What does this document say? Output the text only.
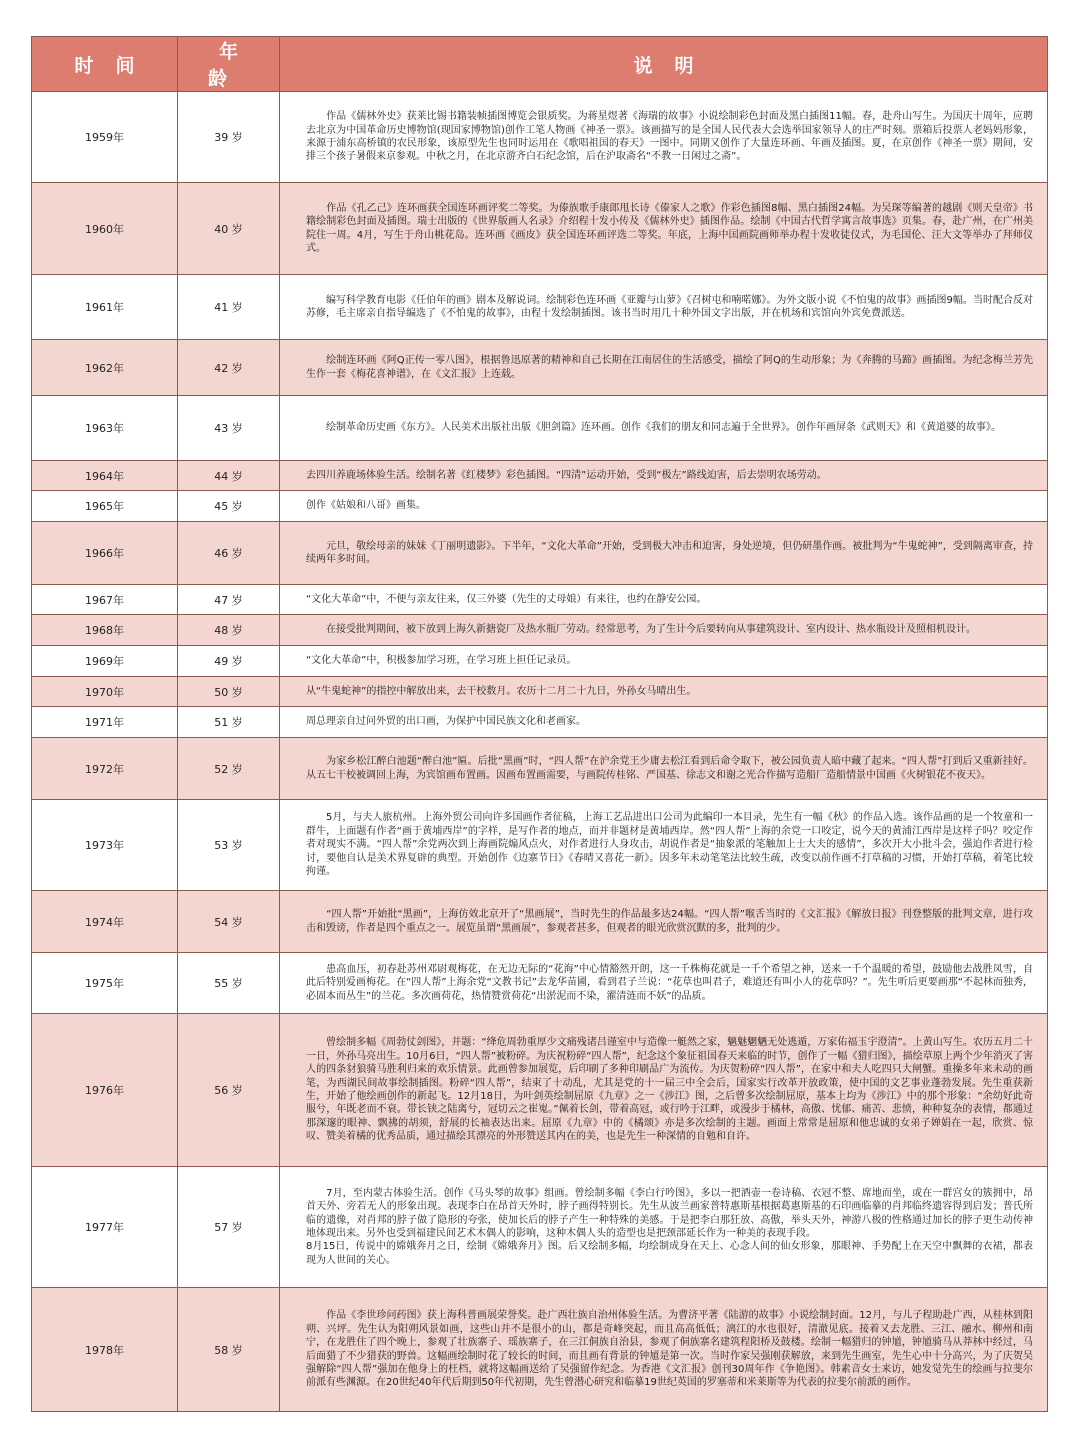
时间	年龄	说明
1959年	39 岁	　　作品《儒林外史》获莱比锡书籍装帧插图博览会银质奖。为蒋星煜著《海瑞的故事》小说绘制彩色封面及黑白插图11幅。春，赴舟山写生。为国庆十周年，应聘去北京为中国革命历史博物馆(现国家博物馆)创作工笔人物画《神圣一票》。该画描写的是全国人民代表大会选举国家领导人的庄严时刻。票箱后投票人老妈妈形象，来源于浦东高桥镇的农民形象，该原型先生也同时运用在《歌唱祖国的春天》一图中。同期又创作了大量连环画、年画及插图。夏，在京创作《神圣一票》期间，安排三个孩子暑假来京参观。中秋之月，在北京游齐白石纪念馆，后在沪取斋名“不教一日闲过之斋”。
1960年	40 岁	　　作品《孔乙己》连环画获全国连环画评奖二等奖。为傣族歌手康郎甩长诗《傣家人之歌》作彩色插图8幅、黑白插图24幅。为吴琛等编著的越剧《则天皇帝》书籍绘制彩色封面及插图。瑞士出版的《世界版画人名录》介绍程十发小传及《儒林外史》插图作品。绘制《中国古代哲学寓言故事选》页集。春，赴广州，在广州美院住一周。4月，写生于舟山桃花岛。连环画《画皮》获全国连环画评选二等奖。年底，上海中国画院画师举办程十发收徒仪式，为毛国伦、汪大文等举办了拜师仪式。
1961年	41 岁	　　编写科学教育电影《任伯年的画》剧本及解说词。绘制彩色连环画《亚瓣与山萝》《召树屯和喃喏娜》。为外文版小说《不怕鬼的故事》画插图9幅。当时配合反对苏修，毛主席亲自指导编选了《不怕鬼的故事》，由程十发绘制插图。该书当时用几十种外国文字出版，并在机场和宾馆向外宾免费派送。
1962年	42 岁	　　绘制连环画《阿Q正传一零八图》，根据鲁迅原著的精神和自己长期在江南居住的生活感受，描绘了阿Q的生动形象；为《奔腾的马蹄》画插图。为纪念梅兰芳先生作一套《梅花喜神谱》，在《文汇报》上连载。
1963年	43 岁	　　绘制革命历史画《东方》。人民美术出版社出版《胆剑篇》连环画。创作《我们的朋友和同志遍于全世界》。创作年画屏条《武则天》和《黄道婆的故事》。
1964年	44 岁	去四川养鹿场体验生活。绘制名著《红楼梦》彩色插图。“四清”运动开始，受到“极左”路线迫害，后去崇明农场劳动。
1965年	45 岁	创作《姑娘和八哥》画集。
1966年	46 岁	　　元旦，敬绘母亲的妹妹《丁丽明遗影》。下半年，“文化大革命”开始，受到极大冲击和迫害，身处逆境，但仍研墨作画。被批判为“牛鬼蛇神”，受到隔离审查，持续两年多时间。
1967年	47 岁	“文化大革命”中，不便与亲友往来，仅三外婆（先生的丈母娘）有来往，也约在静安公园。
1968年	48 岁	　　在接受批判期间，被下放到上海久新搪瓷厂及热水瓶厂劳动。经常思考，为了生计今后要转向从事建筑设计、室内设计、热水瓶设计及照相机设计。
1969年	49 岁	“文化大革命”中，积极参加学习班，在学习班上担任记录员。
1970年	50 岁	从“牛鬼蛇神”的指控中解放出来，去干校数月。农历十二月二十九日，外孙女马晴出生。
1971年	51 岁	周总理亲自过问外贸的出口画，为保护中国民族文化和老画家。
1972年	52 岁	　　为家乡松江醉白池题“醉白池”匾。后批“黑画”时，“四人帮”在沪余党王少庸去松江看到后命令取下，被公园负责人暗中藏了起来。“四人帮”打到后又重新挂好。从五七干校被调回上海，为宾馆画布置画。因画布置画需要，与画院传桂铭、严国基、徐志文和谢之光合作描写造船厂造船情景中国画《火树银花不夜天》。
1973年	53 岁	　　5月，与夫人旅杭州。上海外贸公司向许多国画作者征稿，上海工艺品进出口公司为此编印一本目录，先生有一幅《秋》的作品入选。该作品画的是一个牧童和一群牛，上面题有作者“画于黄埔西岸”的字样，是写作者的地点，而并非题材是黄埔西岸。然“四人帮”上海的余党一口咬定，说今天的黄浦江西岸是这样子吗？咬定作者对现实不满。“四人帮”余党两次到上海画院煽风点火，对作者进行人身攻击，胡说作者是“抽象派的笔触加上士大夫的感情”，多次开大小批斗会，强迫作者进行检讨，要他自认是美术界复辟的典型。开始创作《边寨节日》《春晴又喜花一新》。因多年未动笔笔法比较生疏，改变以前作画不打草稿的习惯，开始打草稿，着笔比较拘谨。
1974年	54 岁	　　“四人帮”开始批“黑画”，上海仿效北京开了“黑画展”，当时先生的作品最多达24幅。“四人帮”喉舌当时的《文汇报》《解放日报》刊登整版的批判文章，进行攻击和毁谤，作者是四个重点之一。展览虽谓“黑画展”，参观者甚多，但观者的眼光欣赏沉默的多，批判的少。
1975年	55 岁	　　患高血压，初春赴苏州邓尉观梅花，在无边无际的“花海”中心情豁然开朗，这一千株梅花就是一千个希望之神，送来一千个温暖的希望，鼓励他去战胜凤雪，自此后特别爱画梅花。在“四人帮”上海余党“文教书记”去龙华苗圃，看到君子兰说：“花草也叫君子，难道还有叫小人的花草吗？”。先生听后更要画那“不起林而独秀，必固本而丛生”的兰花。多次画荷花，热情赞赏荷花“出淤泥而不染，濯清涟而不妖”的品质。
1976年	56 岁	　　曾绘制多幅《周勃仗剑图》，并题：“绛危周勃重厚少文痛残诸吕谨室中与造像一艇然之家，魑魅魍魉无处逃遁，万家佑福玉宇澄清”。上黄山写生。农历五月二十一日，外孙马亮出生。10月6日，“四人帮”被粉碎。为庆祝粉碎“四人帮”，纪念这个象征祖国春天来临的时节，创作了一幅《猎归图》，描绘草原上两个少年消灭了害人的四条豺狼骑马胜利归来的欢乐情景。此画曾参加展览，后印刷了多种印刷品广为流传。为庆贺粉碎“四人帮”，在家中和夫人吃四只大闸蟹。重操多年来未动的画笔，为西湖民间故事绘制插图。粉碎“四人帮”，结束了十动乱，尤其是党的十一届三中全会后，国家实行改革开放政策，使中国的文艺事业蓬勃发展。先生重获新生，开始了他绘画创作的新起飞。12月18日，为叶剑英绘制屈原《九章》之一《涉江》图，之后曾多次绘制屈原，基本上均为《涉江》中的那个形象：“余幼好此奇服兮，年既老而不衰。带长铗之陆离兮，冠切云之崔嵬。”佩着长剑，带着高冠，或行吟于江畔，或漫步于橘林，高傲、忧郁、痛苦、悲愤，种种复杂的表情，都通过那深邃的眼神、飘拂的胡须，舒展的长袖表达出来。屈原《九章》中的《橘颂》亦是多次绘制的主题。画面上常常是屈原和他忠诚的女弟子婵娟在一起，欣赏、惊叹、赞美着橘的优秀品质，通过描绘其漂亮的外形赞送其内在的美，也是先生一种深情的自勉和自许。
1977年	57 岁	　　7月，至内蒙古体验生活。创作《马头琴的故事》组画。曾绘制多幅《李白行吟图》，多以一把酒壶一卷诗稿、衣冠不整、席地而坐，或在一群宫女的簇拥中，昂首天外、旁若无人的形象出现。表现李白在昂首天外时，脖子画得特别长。先生从波兰画家普特惠斯基根据葛惠斯基的石印画临摹的肖邦临终遗容得到启发；普氏所临的遗像，对肖邦的脖子做了隐形的夸张，使加长后的脖子产生一种特殊的美感。于是把李白那狂放、高傲，举头天外，神游八极的性格通过加长的脖子更生动传神地体现出来。另外也受到福建民间艺术木偶人的影响，这种木偶人头的造型也是把颈部延长作为一种美的表现手段。
8月15日，传说中的嫦娥奔月之日，绘制《嫦娥奔月》图。后又绘制多幅，均绘制成身在天上、心念人间的仙女形象，那眼神、手势配上在天空中飘舞的衣裙，都表现为人世间的关心。
1978年	58 岁	　　作品《李世珍问药图》获上海科普画展荣誉奖。赴广西壮族自治州体验生活。为曹济平著《陆游的故事》小说绘制封面。12月，与儿子程助赴广西，从桂林到阳朔、兴坪。先生认为阳朔风景如画，这些山并不是很小的山，都是奇峰突起，而且高高低低；漓江的水也很好，清澈见底。接着又去龙胜、三江、融水、柳州和南宁，在龙胜住了四个晚上，参观了壮族寨子、瑶族寨子，在三江侗族自治县，参观了侗族寨名建筑程阳桥及鼓楼。绘制一幅猎归的钟馗，钟馗骑马从莽林中经过，马后面猎了不少猎获的野兽。这幅画绘制时花了较长的时间，而且画有背景的钟馗是第一次。当时作家吴强刚获解放，来到先生画室，先生心中十分高兴，为了庆贺吴强解除“四人帮”强加在他身上的枉档，就将这幅画送给了吴强留作纪念。为香港《文汇报》创刊30周年作《争艳图》。韩素音女士来访，她发觉先生的绘画与拉斐尔前派有些渊源。在20世纪40年代后期到50年代初期，先生曾潜心研究和临摹19世纪英国的罗塞蒂和米莱斯等为代表的拉斐尔前派的画作。
